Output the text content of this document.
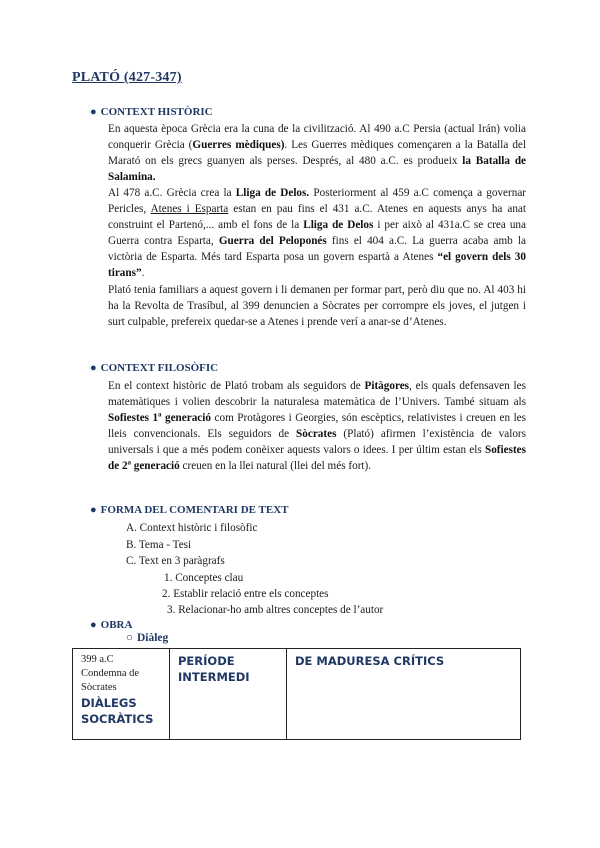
PLATÓ (427-347)
● CONTEXT HISTÒRIC
En aquesta època Grècia era la cuna de la civilització. Al 490 a.C Persia (actual Irán) volia conquerir Grècia (Guerres mèdiques). Les Guerres mèdiques començaren a la Batalla del Marató on els grecs guanyen als perses. Després, al 480 a.C. es produeix la Batalla de Salamina.
Al 478 a.C. Grècia crea la Lliga de Delos. Posteriorment al 459 a.C comença a governar Pericles, Atenes i Esparta estan en pau fins el 431 a.C. Atenes en aquests anys ha anat construint el Partenó,... amb el fons de la Lliga de Delos i per això al 431a.C se crea una Guerra contra Esparta, Guerra del Peloponés fins el 404 a.C. La guerra acaba amb la victòria de Esparta. Més tard Esparta posa un govern espartà a Atenes “el govern dels 30 tirans”.
Plató tenia familiars a aquest govern i li demanen per formar part, però diu que no. Al 403 hi ha la Revolta de Trasíbul, al 399 denuncien a Sòcrates per corrompre els joves, el jutgen i surt culpable, prefereix quedar-se a Atenes i prende verí a anar-se d’Atenes.
● CONTEXT FILOSÒFIC
En el context històric de Plató trobam als seguidors de Pitàgores, els quals defensaven les matemàtiques i volien descobrir la naturalesa matemàtica de l’Univers. També situam als Sofiestes 1ª generació com Protàgores i Georgies, són escèptics, relativistes i creuen en les lleis convencionals. Els seguidors de Sòcrates (Plató) afirmen l’existència de valors universals i que a més podem conèixer aquests valors o idees. I per últim estan els Sofiestes de 2ª generació creuen en la llei natural (llei del més fort).
● FORMA DEL COMENTARI DE TEXT
A. Context històric i filosòfic
B. Tema - Tesi
C. Text en 3 paràgrafs
1. Conceptes clau
2. Establir relació entre els conceptes
3. Relacionar-ho amb altres conceptes de l’autor
● OBRA
○ Diàleg
399 a.C
Condemna de
Sòcrates
DIÀLEGS SOCRÀTICS

PERÍODE INTERMEDI

DE MADURESA CRÍTICS
